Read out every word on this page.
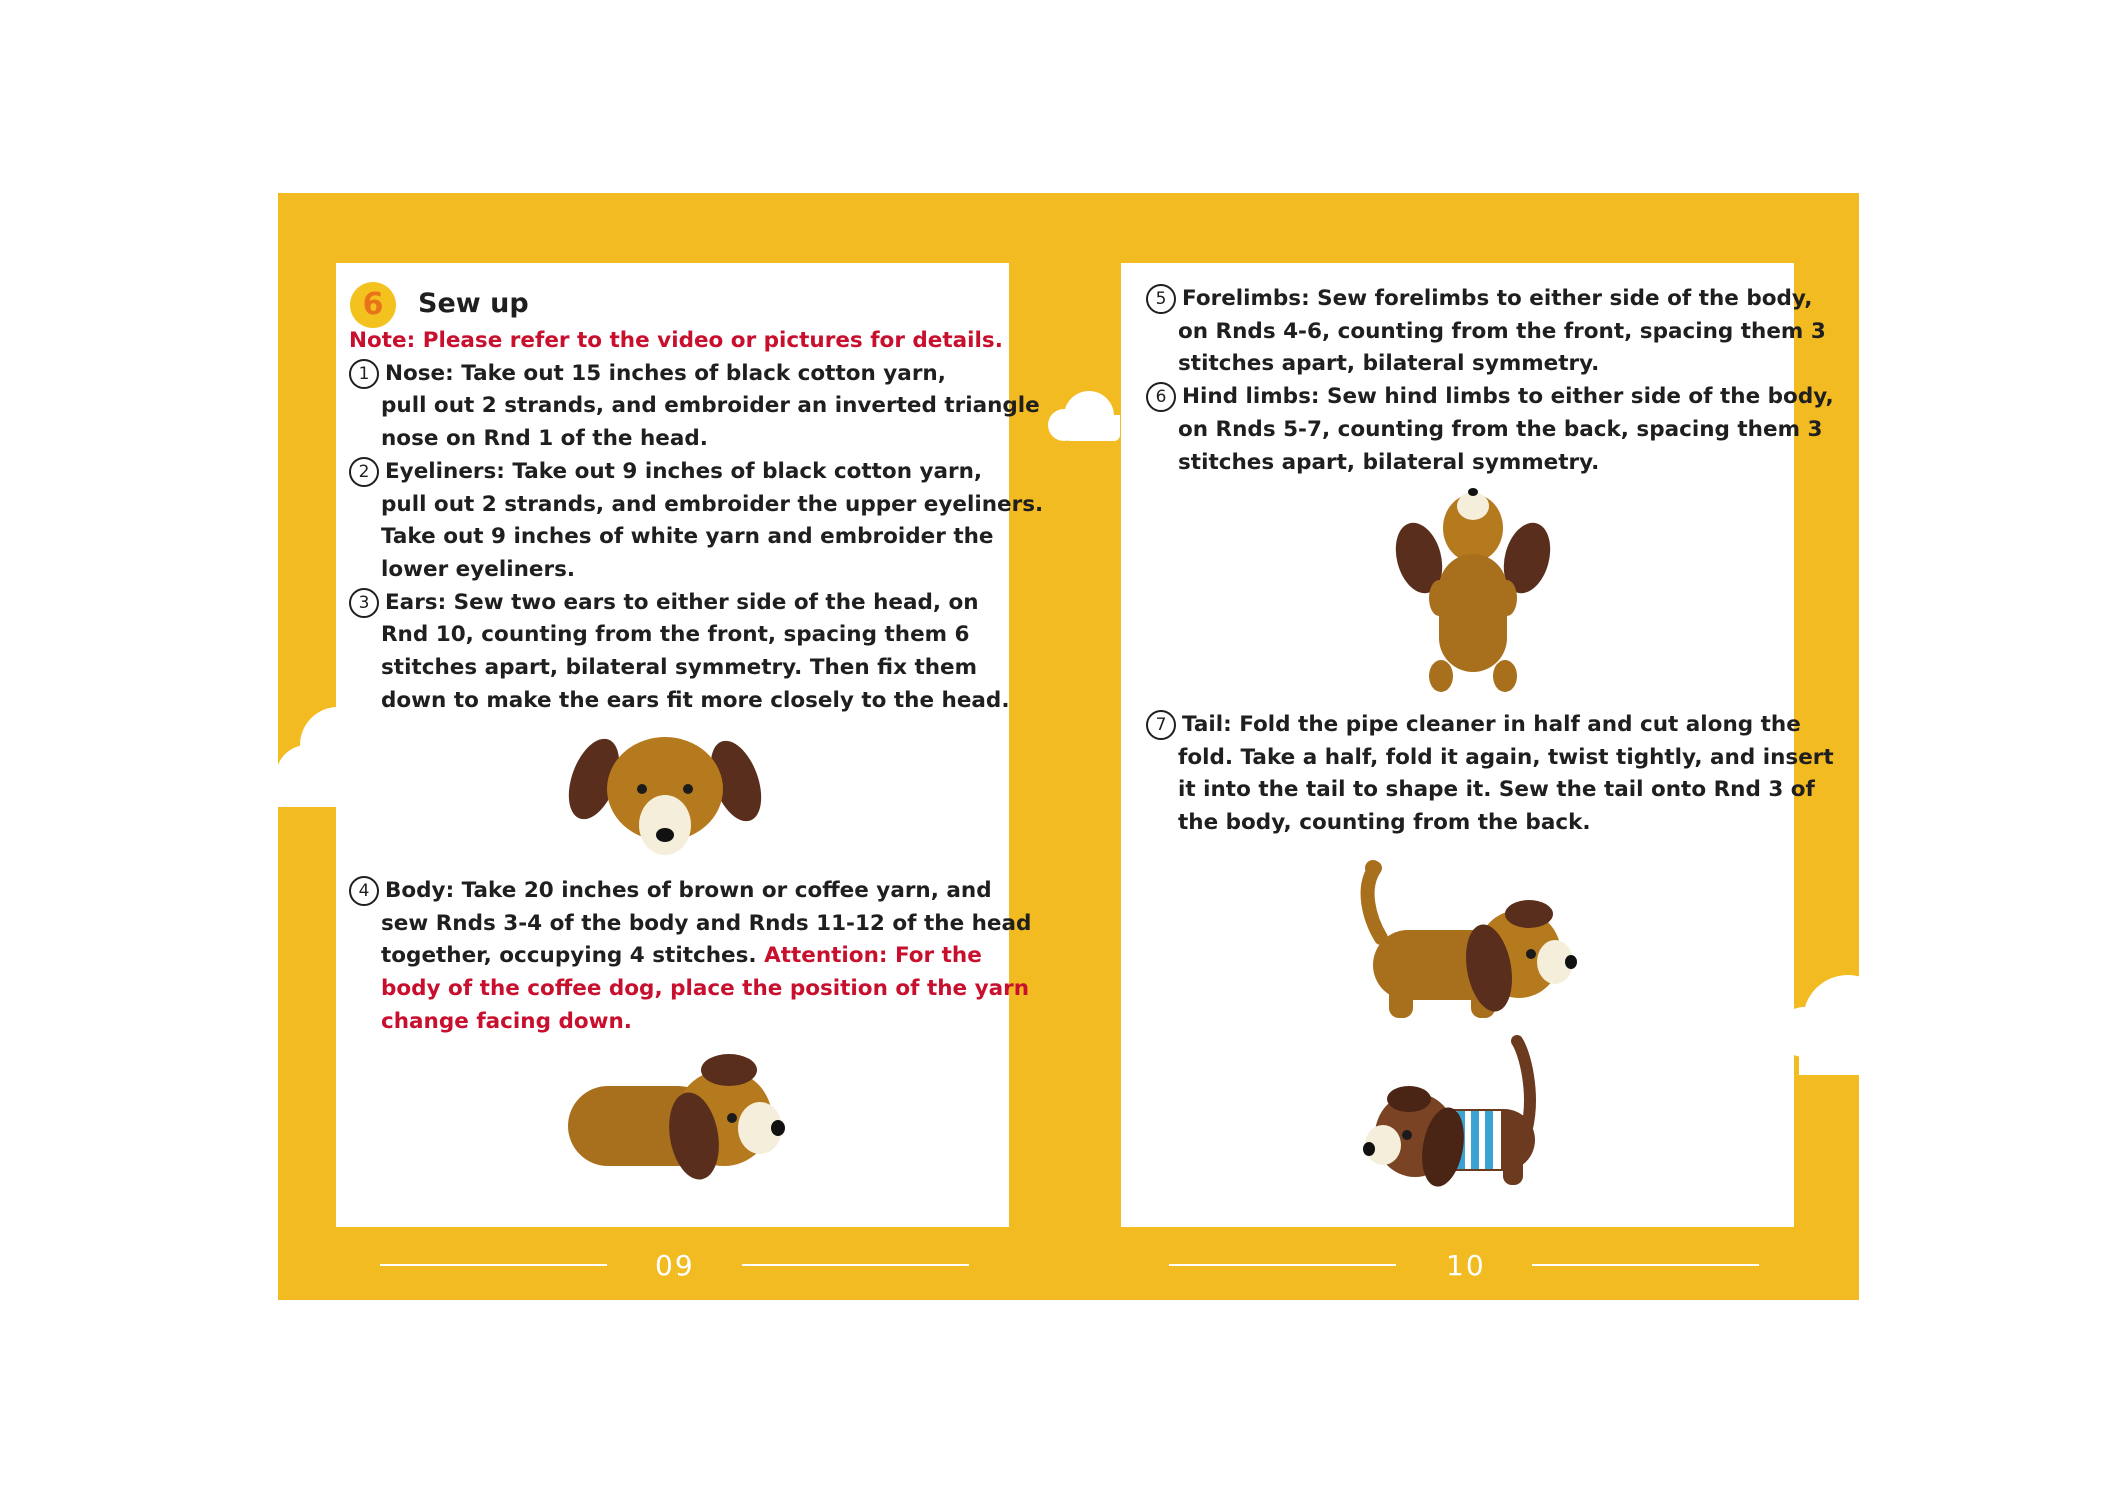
6	Sew up
Note: Please refer to the video or pictures for details.
1 Nose: Take out 15 inches of black cotton yarn,
pull out 2 strands, and embroider an inverted triangle
nose on Rnd 1 of the head.
2 Eyeliners: Take out 9 inches of black cotton yarn,
pull out 2 strands, and embroider the upper eyeliners.
Take out 9 inches of white yarn and embroider the
lower eyeliners.
3 Ears: Sew two ears to either side of the head, on
Rnd 10, counting from the front, spacing them 6
stitches apart, bilateral symmetry. Then fix them
down to make the ears fit more closely to the head.
4 Body: Take 20 inches of brown or coffee yarn, and
sew Rnds 3-4 of the body and Rnds 11-12 of the head
together, occupying 4 stitches. Attention: For the
body of the coffee dog, place the position of the yarn
change facing down.
5 Forelimbs: Sew forelimbs to either side of the body,
on Rnds 4-6, counting from the front, spacing them 3
stitches apart, bilateral symmetry.
6 Hind limbs: Sew hind limbs to either side of the body,
on Rnds 5-7, counting from the back, spacing them 3
stitches apart, bilateral symmetry.
7 Tail: Fold the pipe cleaner in half and cut along the
fold. Take a half, fold it again, twist tightly, and insert
it into the tail to shape it. Sew the tail onto Rnd 3 of
the body, counting from the back.
09	10
